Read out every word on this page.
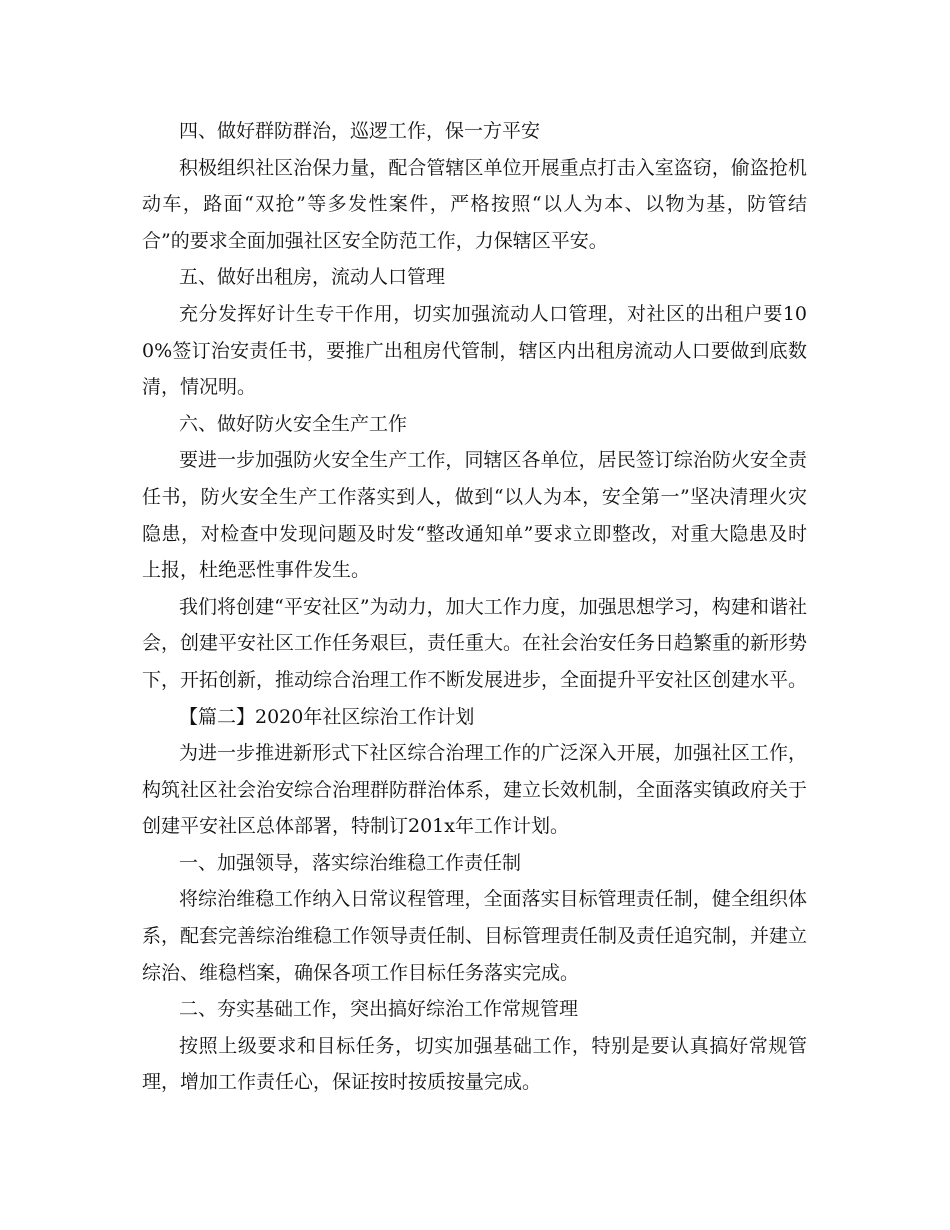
四、做好群防群治，巡逻工作，保一方平安

积极组织社区治保力量，配合管辖区单位开展重点打击入室盗窃，偷盗抢机动车，路面“双抢”等多发性案件，严格按照“以人为本、以物为基，防管结合”的要求全面加强社区安全防范工作，力保辖区平安。

五、做好出租房，流动人口管理

充分发挥好计生专干作用，切实加强流动人口管理，对社区的出租户要100%签订治安责任书，要推广出租房代管制，辖区内出租房流动人口要做到底数清，情况明。

六、做好防火安全生产工作

要进一步加强防火安全生产工作，同辖区各单位，居民签订综治防火安全责任书，防火安全生产工作落实到人，做到“以人为本，安全第一”坚决清理火灾隐患，对检查中发现问题及时发“整改通知单”要求立即整改，对重大隐患及时上报，杜绝恶性事件发生。

我们将创建“平安社区”为动力，加大工作力度，加强思想学习，构建和谐社会，创建平安社区工作任务艰巨，责任重大。在社会治安任务日趋繁重的新形势下，开拓创新，推动综合治理工作不断发展进步，全面提升平安社区创建水平。

【篇二】2020年社区综治工作计划

为进一步推进新形式下社区综合治理工作的广泛深入开展，加强社区工作，构筑社区社会治安综合治理群防群治体系，建立长效机制，全面落实镇政府关于创建平安社区总体部署，特制订201x年工作计划。

一、加强领导，落实综治维稳工作责任制

将综治维稳工作纳入日常议程管理，全面落实目标管理责任制，健全组织体系，配套完善综治维稳工作领导责任制、目标管理责任制及责任追究制，并建立综治、维稳档案，确保各项工作目标任务落实完成。

二、夯实基础工作，突出搞好综治工作常规管理

按照上级要求和目标任务，切实加强基础工作，特别是要认真搞好常规管理，增加工作责任心，保证按时按质按量完成。
